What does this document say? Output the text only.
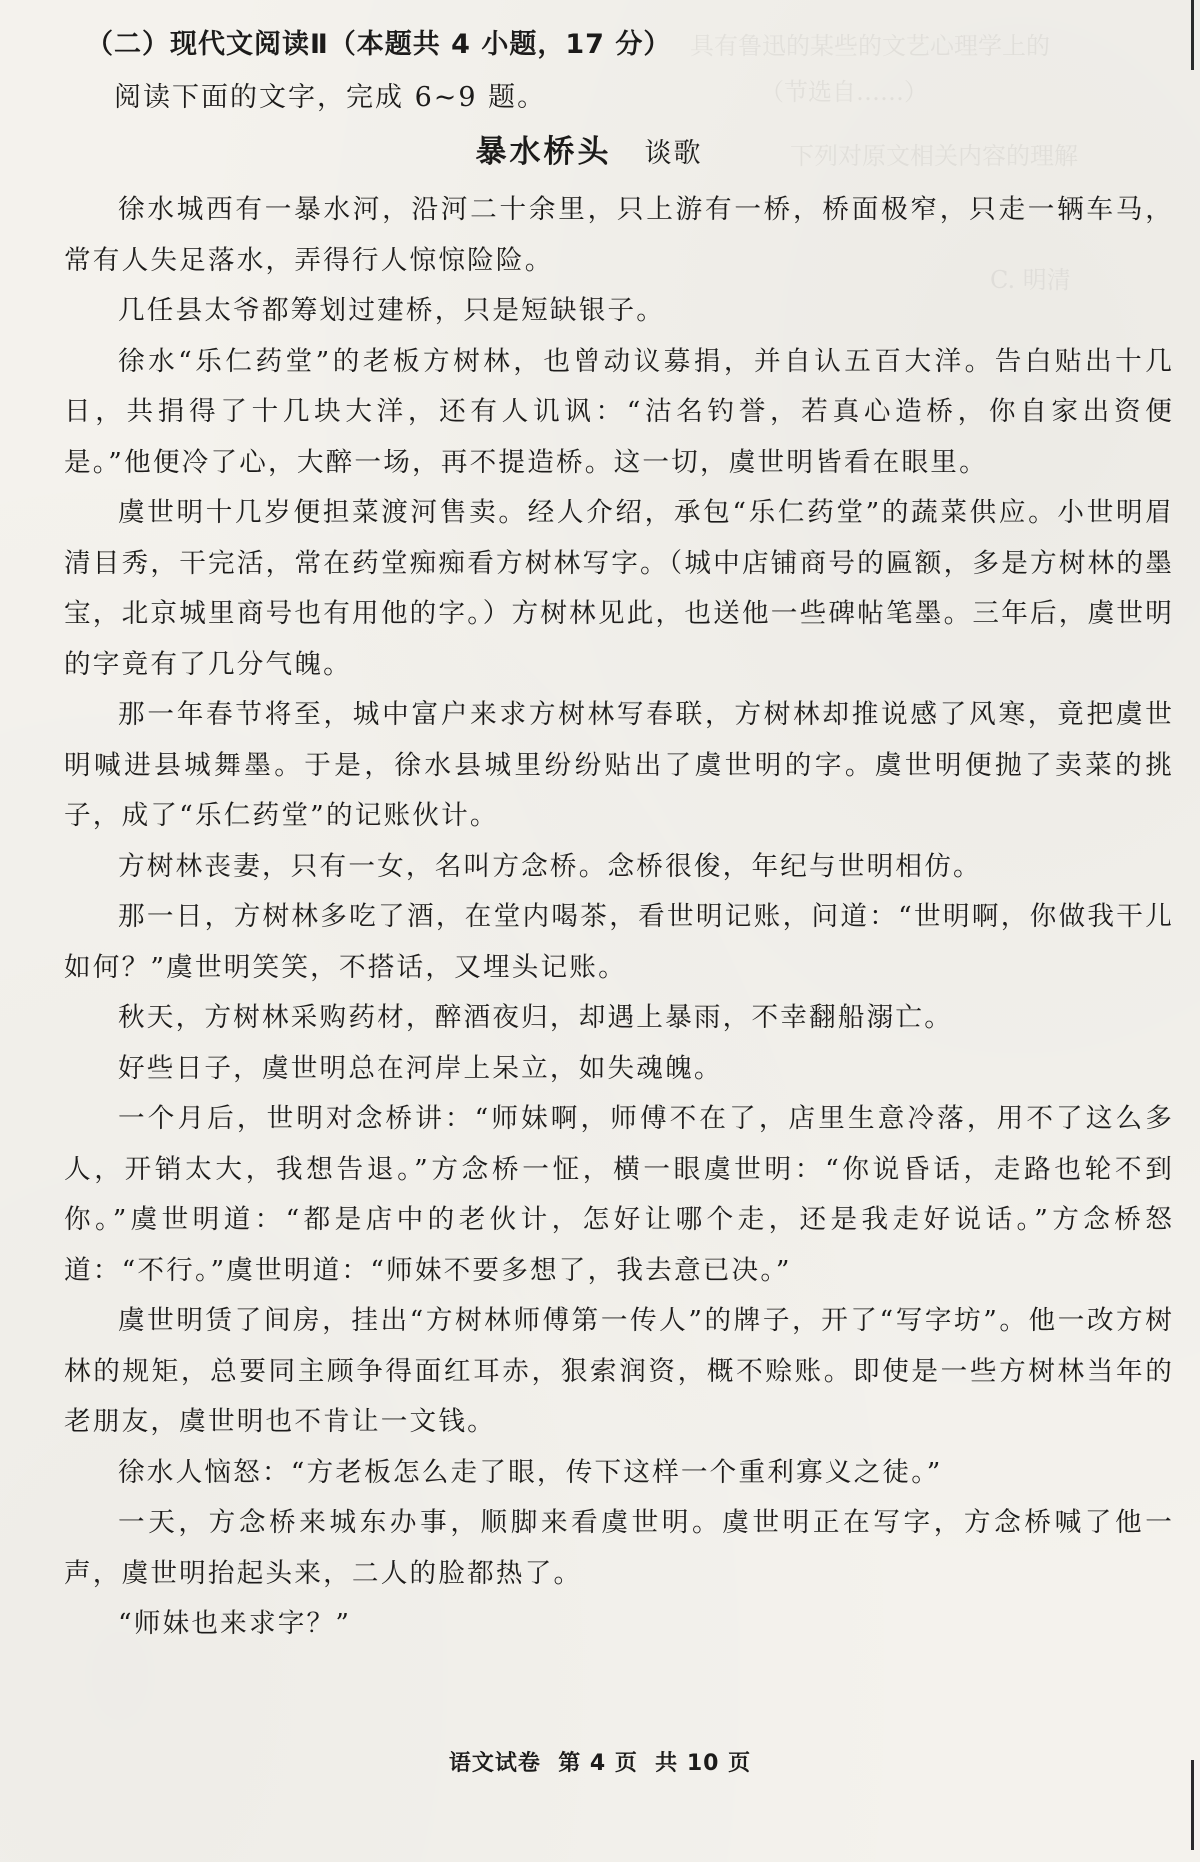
具有鲁迅的某些的文艺心理学上的
（节选自……）
下列对原文相关内容的理解
C. 明清
（二）现代文阅读Ⅱ（本题共 4 小题，17 分）
阅读下面的文字，完成 6~9 题。
暴水桥头 谈歌

徐水城西有一暴水河，沿河二十余里，只上游有一桥，桥面极窄，只走一辆车马，常有人失足落水，弄得行人惊惊险险。

几任县太爷都筹划过建桥，只是短缺银子。

徐水“乐仁药堂”的老板方树林，也曾动议募捐，并自认五百大洋。告白贴出十几日，共捐得了十几块大洋，还有人讥讽：“沽名钓誉，若真心造桥，你自家出资便是。”他便冷了心，大醉一场，再不提造桥。这一切，虞世明皆看在眼里。

虞世明十几岁便担菜渡河售卖。经人介绍，承包“乐仁药堂”的蔬菜供应。小世明眉清目秀，干完活，常在药堂痴痴看方树林写字。（城中店铺商号的匾额，多是方树林的墨宝，北京城里商号也有用他的字。）方树林见此，也送他一些碑帖笔墨。三年后，虞世明的字竟有了几分气魄。

那一年春节将至，城中富户来求方树林写春联，方树林却推说感了风寒，竟把虞世明喊进县城舞墨。于是，徐水县城里纷纷贴出了虞世明的字。虞世明便抛了卖菜的挑子，成了“乐仁药堂”的记账伙计。

方树林丧妻，只有一女，名叫方念桥。念桥很俊，年纪与世明相仿。

那一日，方树林多吃了酒，在堂内喝茶，看世明记账，问道：“世明啊，你做我干儿如何？”虞世明笑笑，不搭话，又埋头记账。

秋天，方树林采购药材，醉酒夜归，却遇上暴雨，不幸翻船溺亡。

好些日子，虞世明总在河岸上呆立，如失魂魄。

一个月后，世明对念桥讲：“师妹啊，师傅不在了，店里生意冷落，用不了这么多人，开销太大，我想告退。”方念桥一怔，横一眼虞世明：“你说昏话，走路也轮不到你。”虞世明道：“都是店中的老伙计，怎好让哪个走，还是我走好说话。”方念桥怒道：“不行。”虞世明道：“师妹不要多想了，我去意已决。”

虞世明赁了间房，挂出“方树林师傅第一传人”的牌子，开了“写字坊”。他一改方树林的规矩，总要同主顾争得面红耳赤，狠索润资，概不赊账。即使是一些方树林当年的老朋友，虞世明也不肯让一文钱。

徐水人恼怒：“方老板怎么走了眼，传下这样一个重利寡义之徒。”

一天，方念桥来城东办事，顺脚来看虞世明。虞世明正在写字，方念桥喊了他一声，虞世明抬起头来，二人的脸都热了。

“师妹也来求字？”

语文试卷  第 4 页  共 10 页
